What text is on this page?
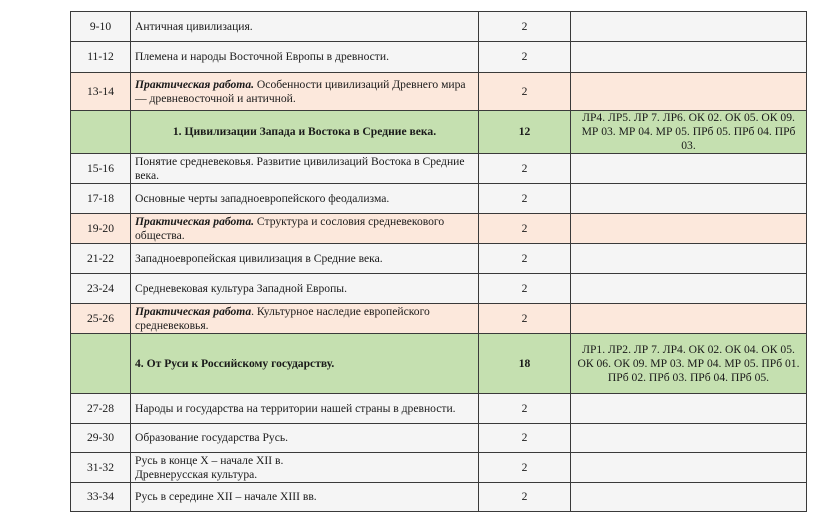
9-10	Античная цивилизация.	2	
11-12	Племена и народы Восточной Европы в древности.	2	
13-14	Практическая работа. Особенности цивилизаций Древнего мира — древневосточной и античной.	2	
	1. Цивилизации Запада и Востока в Средние века.	12	ЛР4. ЛР5. ЛР 7. ЛР6. ОК 02. ОК 05. ОК 09. МР 03. МР 04. МР 05. ПРб 05. ПРб 04. ПРб 03.
15-16	Понятие средневековья. Развитие цивилизаций Востока в Средние века.	2	
17-18	Основные черты западноевропейского феодализма.	2	
19-20	Практическая работа. Структура и сословия средневекового общества.	2	
21-22	Западноевропейская цивилизация в Средние века.	2	
23-24	Средневековая культура Западной Европы.	2	
25-26	Практическая работа. Культурное наследие европейского средневековья.	2	
	4. От Руси к Российскому государству.	18	ЛР1. ЛР2. ЛР 7. ЛР4. ОК 02. ОК 04. ОК 05. ОК 06. ОК 09. МР 03. МР 04. МР 05. ПРб 01. ПРб 02. ПРб 03. ПРб 04. ПРб 05.
27-28	Народы и государства на территории нашей страны в древности.	2	
29-30	Образование государства Русь.	2	
31-32	Русь в конце X – начале XII в.
Древнерусская культура.	2	
33-34	Русь в середине XII – начале XIII вв.	2	
